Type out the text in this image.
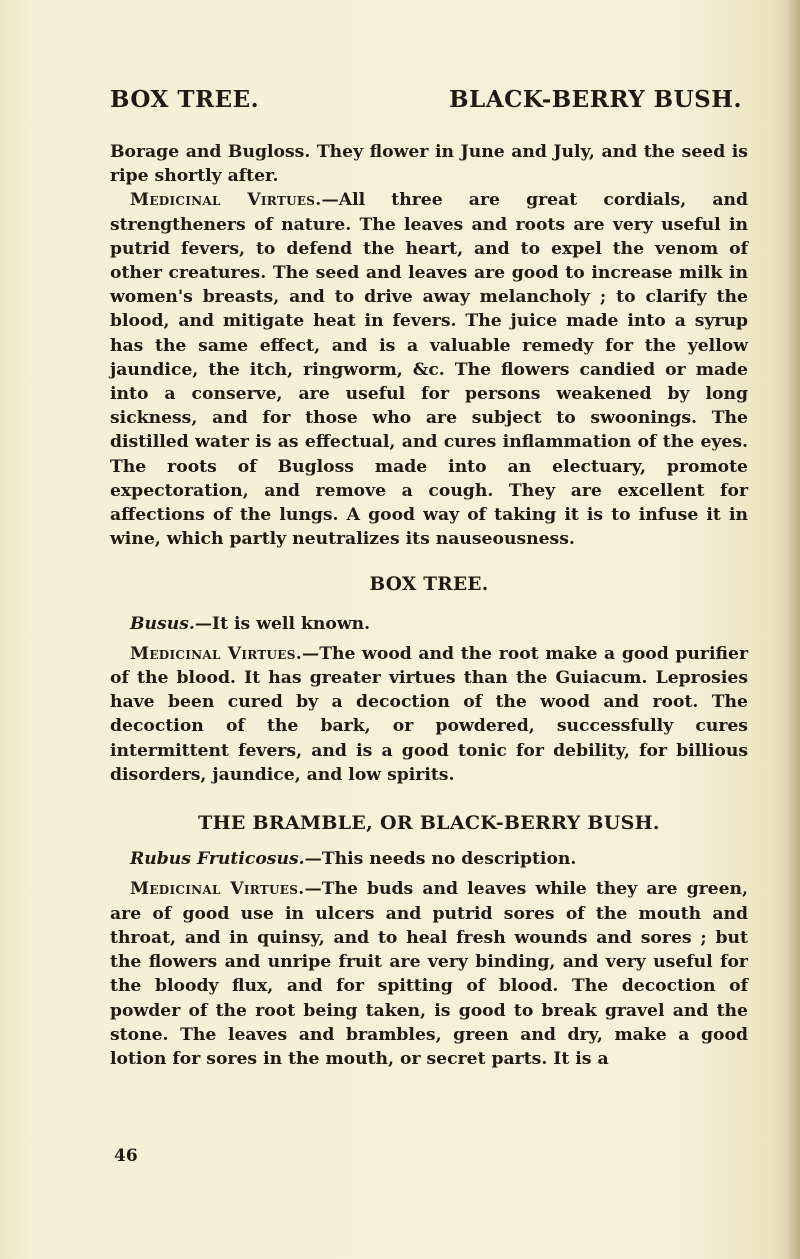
BOX TREE.	BLACK-BERRY BUSH.

Borage and Bugloss. They flower in June and July, and the seed is ripe shortly after.

Medicinal Virtues.—All three are great cordials, and strengtheners of nature. The leaves and roots are very useful in putrid fevers, to defend the heart, and to expel the venom of other creatures. The seed and leaves are good to increase milk in women's breasts, and to drive away melancholy ; to clarify the blood, and mitigate heat in fevers. The juice made into a syrup has the same effect, and is a valuable remedy for the yellow jaundice, the itch, ringworm, &c. The flowers candied or made into a conserve, are useful for persons weakened by long sickness, and for those who are subject to swoonings. The distilled water is as effectual, and cures inflammation of the eyes. The roots of Bugloss made into an electuary, promote expectoration, and remove a cough. They are excellent for affections of the lungs. A good way of taking it is to infuse it in wine, which partly neutralizes its nauseousness.

BOX TREE.

Busus.—It is well known.

Medicinal Virtues.—The wood and the root make a good purifier of the blood. It has greater virtues than the Guiacum. Leprosies have been cured by a decoction of the wood and root. The decoction of the bark, or powdered, successfully cures intermittent fevers, and is a good tonic for debility, for billious disorders, jaundice, and low spirits.

THE BRAMBLE, OR BLACK-BERRY BUSH.

Rubus Fruticosus.—This needs no description.

Medicinal Virtues.—The buds and leaves while they are green, are of good use in ulcers and putrid sores of the mouth and throat, and in quinsy, and to heal fresh wounds and sores ; but the flowers and unripe fruit are very binding, and very useful for the bloody flux, and for spitting of blood. The decoction of powder of the root being taken, is good to break gravel and the stone. The leaves and brambles, green and dry, make a good lotion for sores in the mouth, or secret parts. It is a

46
